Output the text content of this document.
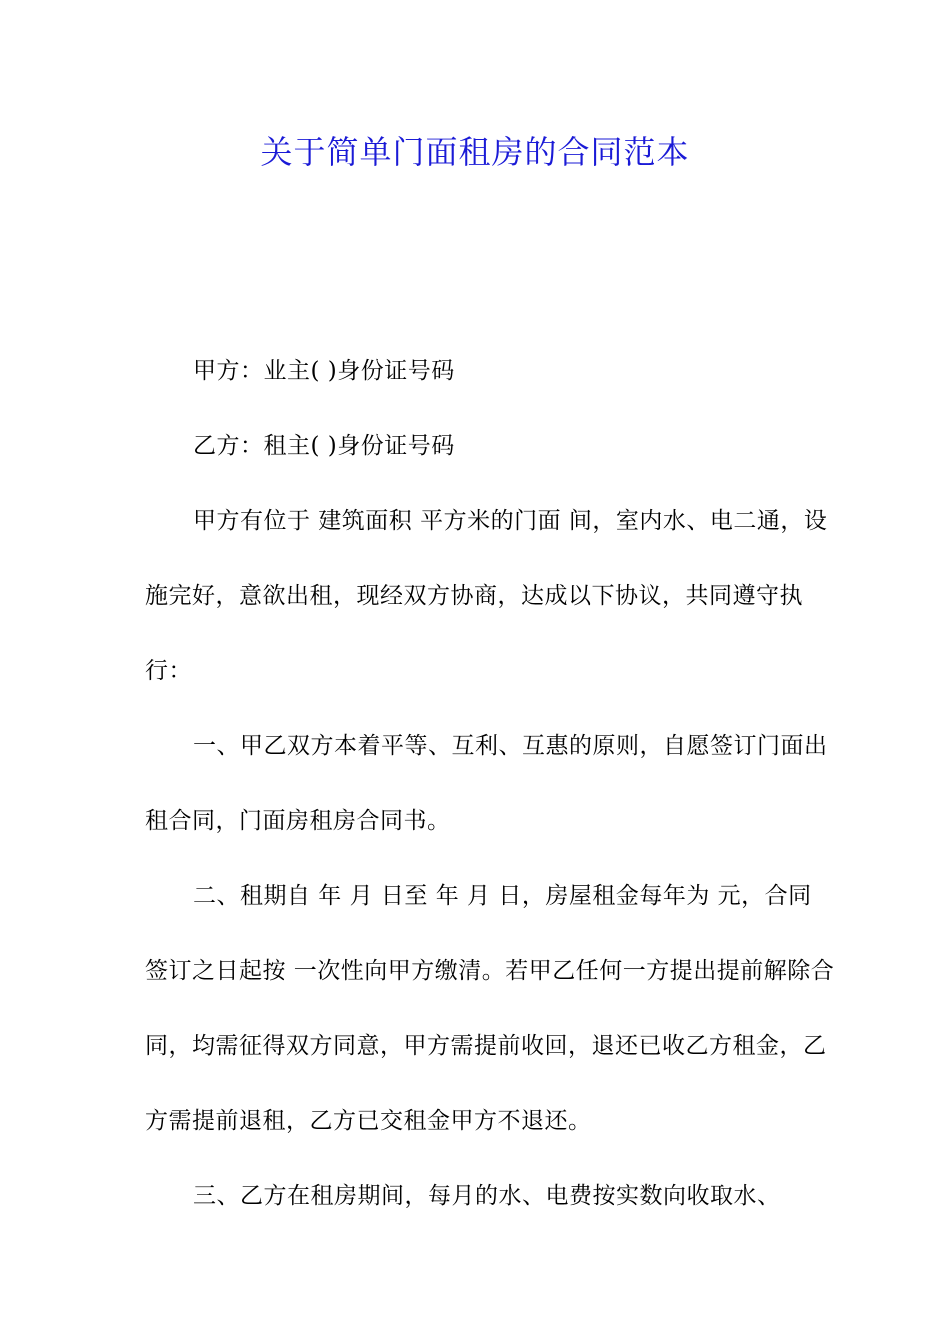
关于简单门面租房的合同范本

甲方：业主( )身份证号码

乙方：租主( )身份证号码

甲方有位于 建筑面积 平方米的门面 间，室内水、电二通，设施完好，意欲出租，现经双方协商，达成以下协议，共同遵守执行：

一、甲乙双方本着平等、互利、互惠的原则，自愿签订门面出租合同，门面房租房合同书。

二、租期自 年 月 日至 年 月 日，房屋租金每年为 元，合同签订之日起按 一次性向甲方缴清。若甲乙任何一方提出提前解除合同，均需征得双方同意，甲方需提前收回，退还已收乙方租金，乙方需提前退租，乙方已交租金甲方不退还。

三、乙方在租房期间，每月的水、电费按实数向收取水、
